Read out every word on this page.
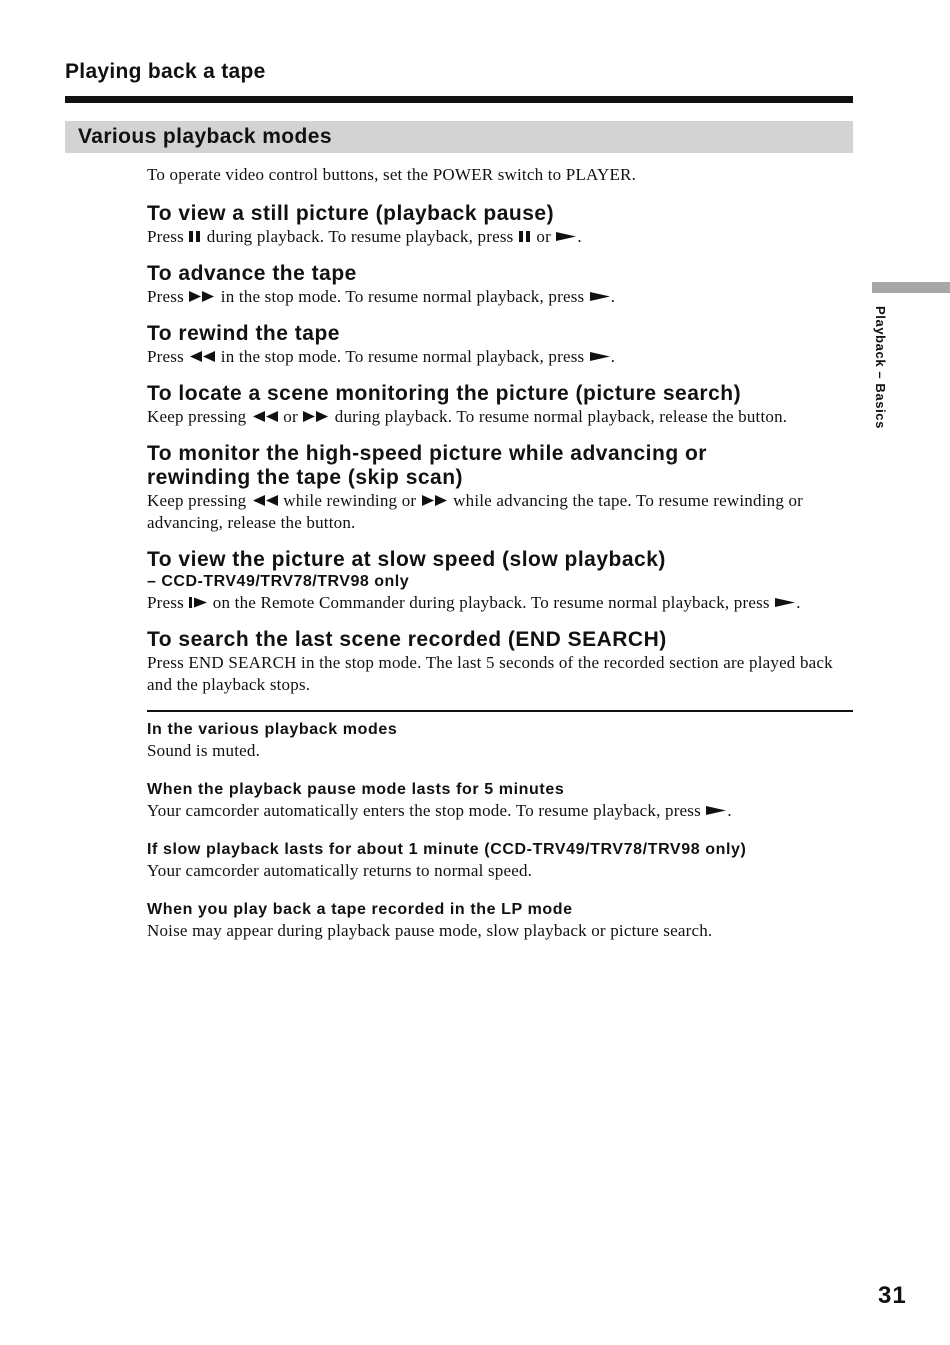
Playing back a tape
Various playback modes

To operate video control buttons, set the POWER switch to PLAYER.

To view a still picture (playback pause)

Press  during playback. To resume playback, press  or .

To advance the tape

Press  in the stop mode. To resume normal playback, press .

To rewind the tape

Press  in the stop mode. To resume normal playback, press .

To locate a scene monitoring the picture (picture search)

Keep pressing  or  during playback. To resume normal playback, release the button.

To monitor the high-speed picture while advancing or rewinding the tape (skip scan)

Keep pressing  while rewinding or  while advancing the tape. To resume rewinding or advancing, release the button.

To view the picture at slow speed (slow playback)

– CCD-TRV49/TRV78/TRV98 only

Press  on the Remote Commander during playback. To resume normal playback, press .

To search the last scene recorded (END SEARCH)

Press END SEARCH in the stop mode. The last 5 seconds of the recorded section are played back and the playback stops.

In the various playback modes

Sound is muted.

When the playback pause mode lasts for 5 minutes

Your camcorder automatically enters the stop mode. To resume playback, press .

If slow playback lasts for about 1 minute (CCD-TRV49/TRV78/TRV98 only)

Your camcorder automatically returns to normal speed.

When you play back a tape recorded in the LP mode

Noise may appear during playback pause mode, slow playback or picture search.

Playback – Basics
31
